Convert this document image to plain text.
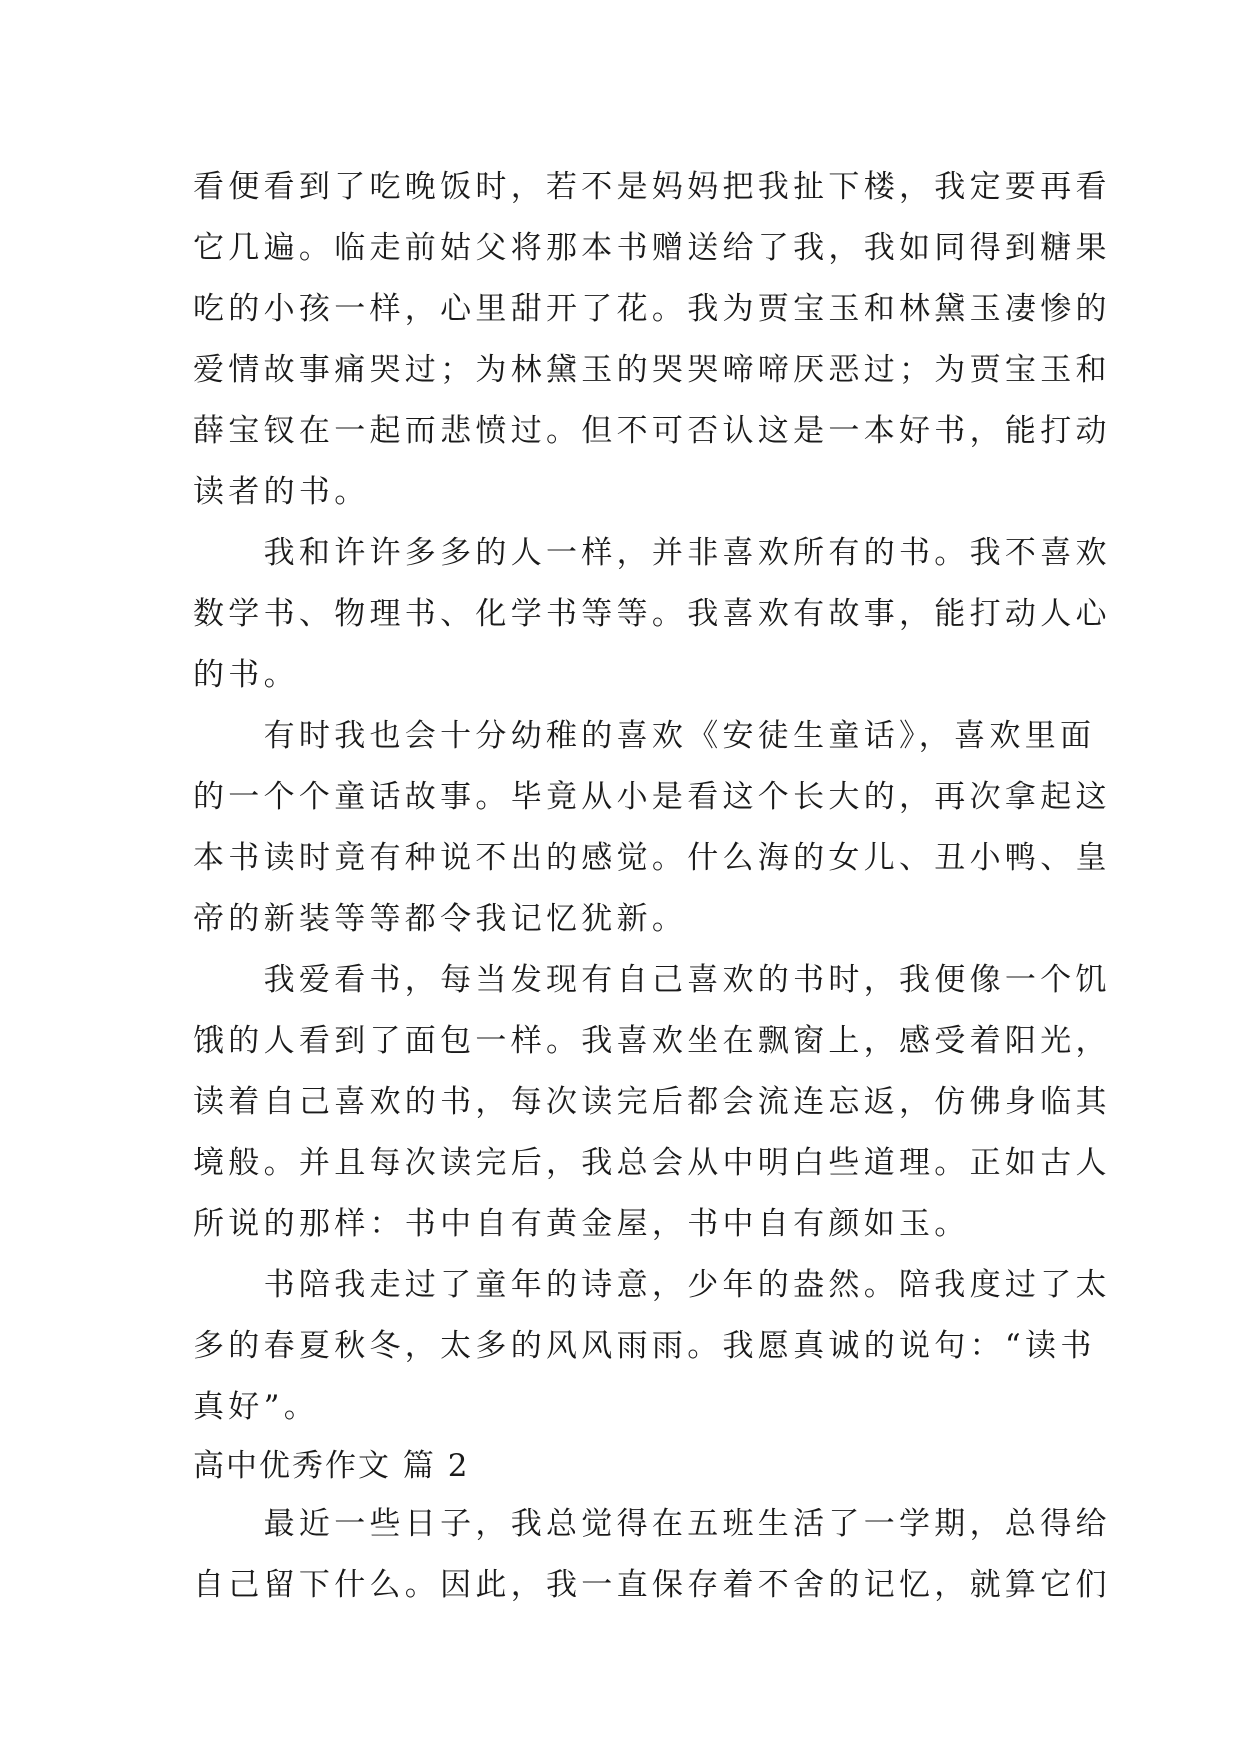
看便看到了吃晚饭时，若不是妈妈把我扯下楼，我定要再看
它几遍。临走前姑父将那本书赠送给了我，我如同得到糖果
吃的小孩一样，心里甜开了花。我为贾宝玉和林黛玉凄惨的
爱情故事痛哭过；为林黛玉的哭哭啼啼厌恶过；为贾宝玉和
薛宝钗在一起而悲愤过。但不可否认这是一本好书，能打动
读者的书。
　　我和许许多多的人一样，并非喜欢所有的书。我不喜欢
数学书、物理书、化学书等等。我喜欢有故事，能打动人心
的书。
　　有时我也会十分幼稚的喜欢《安徒生童话》，喜欢里面
的一个个童话故事。毕竟从小是看这个长大的，再次拿起这
本书读时竟有种说不出的感觉。什么海的女儿、丑小鸭、皇
帝的新装等等都令我记忆犹新。
　　我爱看书，每当发现有自己喜欢的书时，我便像一个饥
饿的人看到了面包一样。我喜欢坐在飘窗上，感受着阳光，
读着自己喜欢的书，每次读完后都会流连忘返，仿佛身临其
境般。并且每次读完后，我总会从中明白些道理。正如古人
所说的那样：书中自有黄金屋，书中自有颜如玉。
　　书陪我走过了童年的诗意，少年的盎然。陪我度过了太
多的春夏秋冬，太多的风风雨雨。我愿真诚的说句：“读书
真好”。
高中优秀作文 篇 2
　　最近一些日子，我总觉得在五班生活了一学期，总得给
自己留下什么。因此，我一直保存着不舍的记忆，就算它们
